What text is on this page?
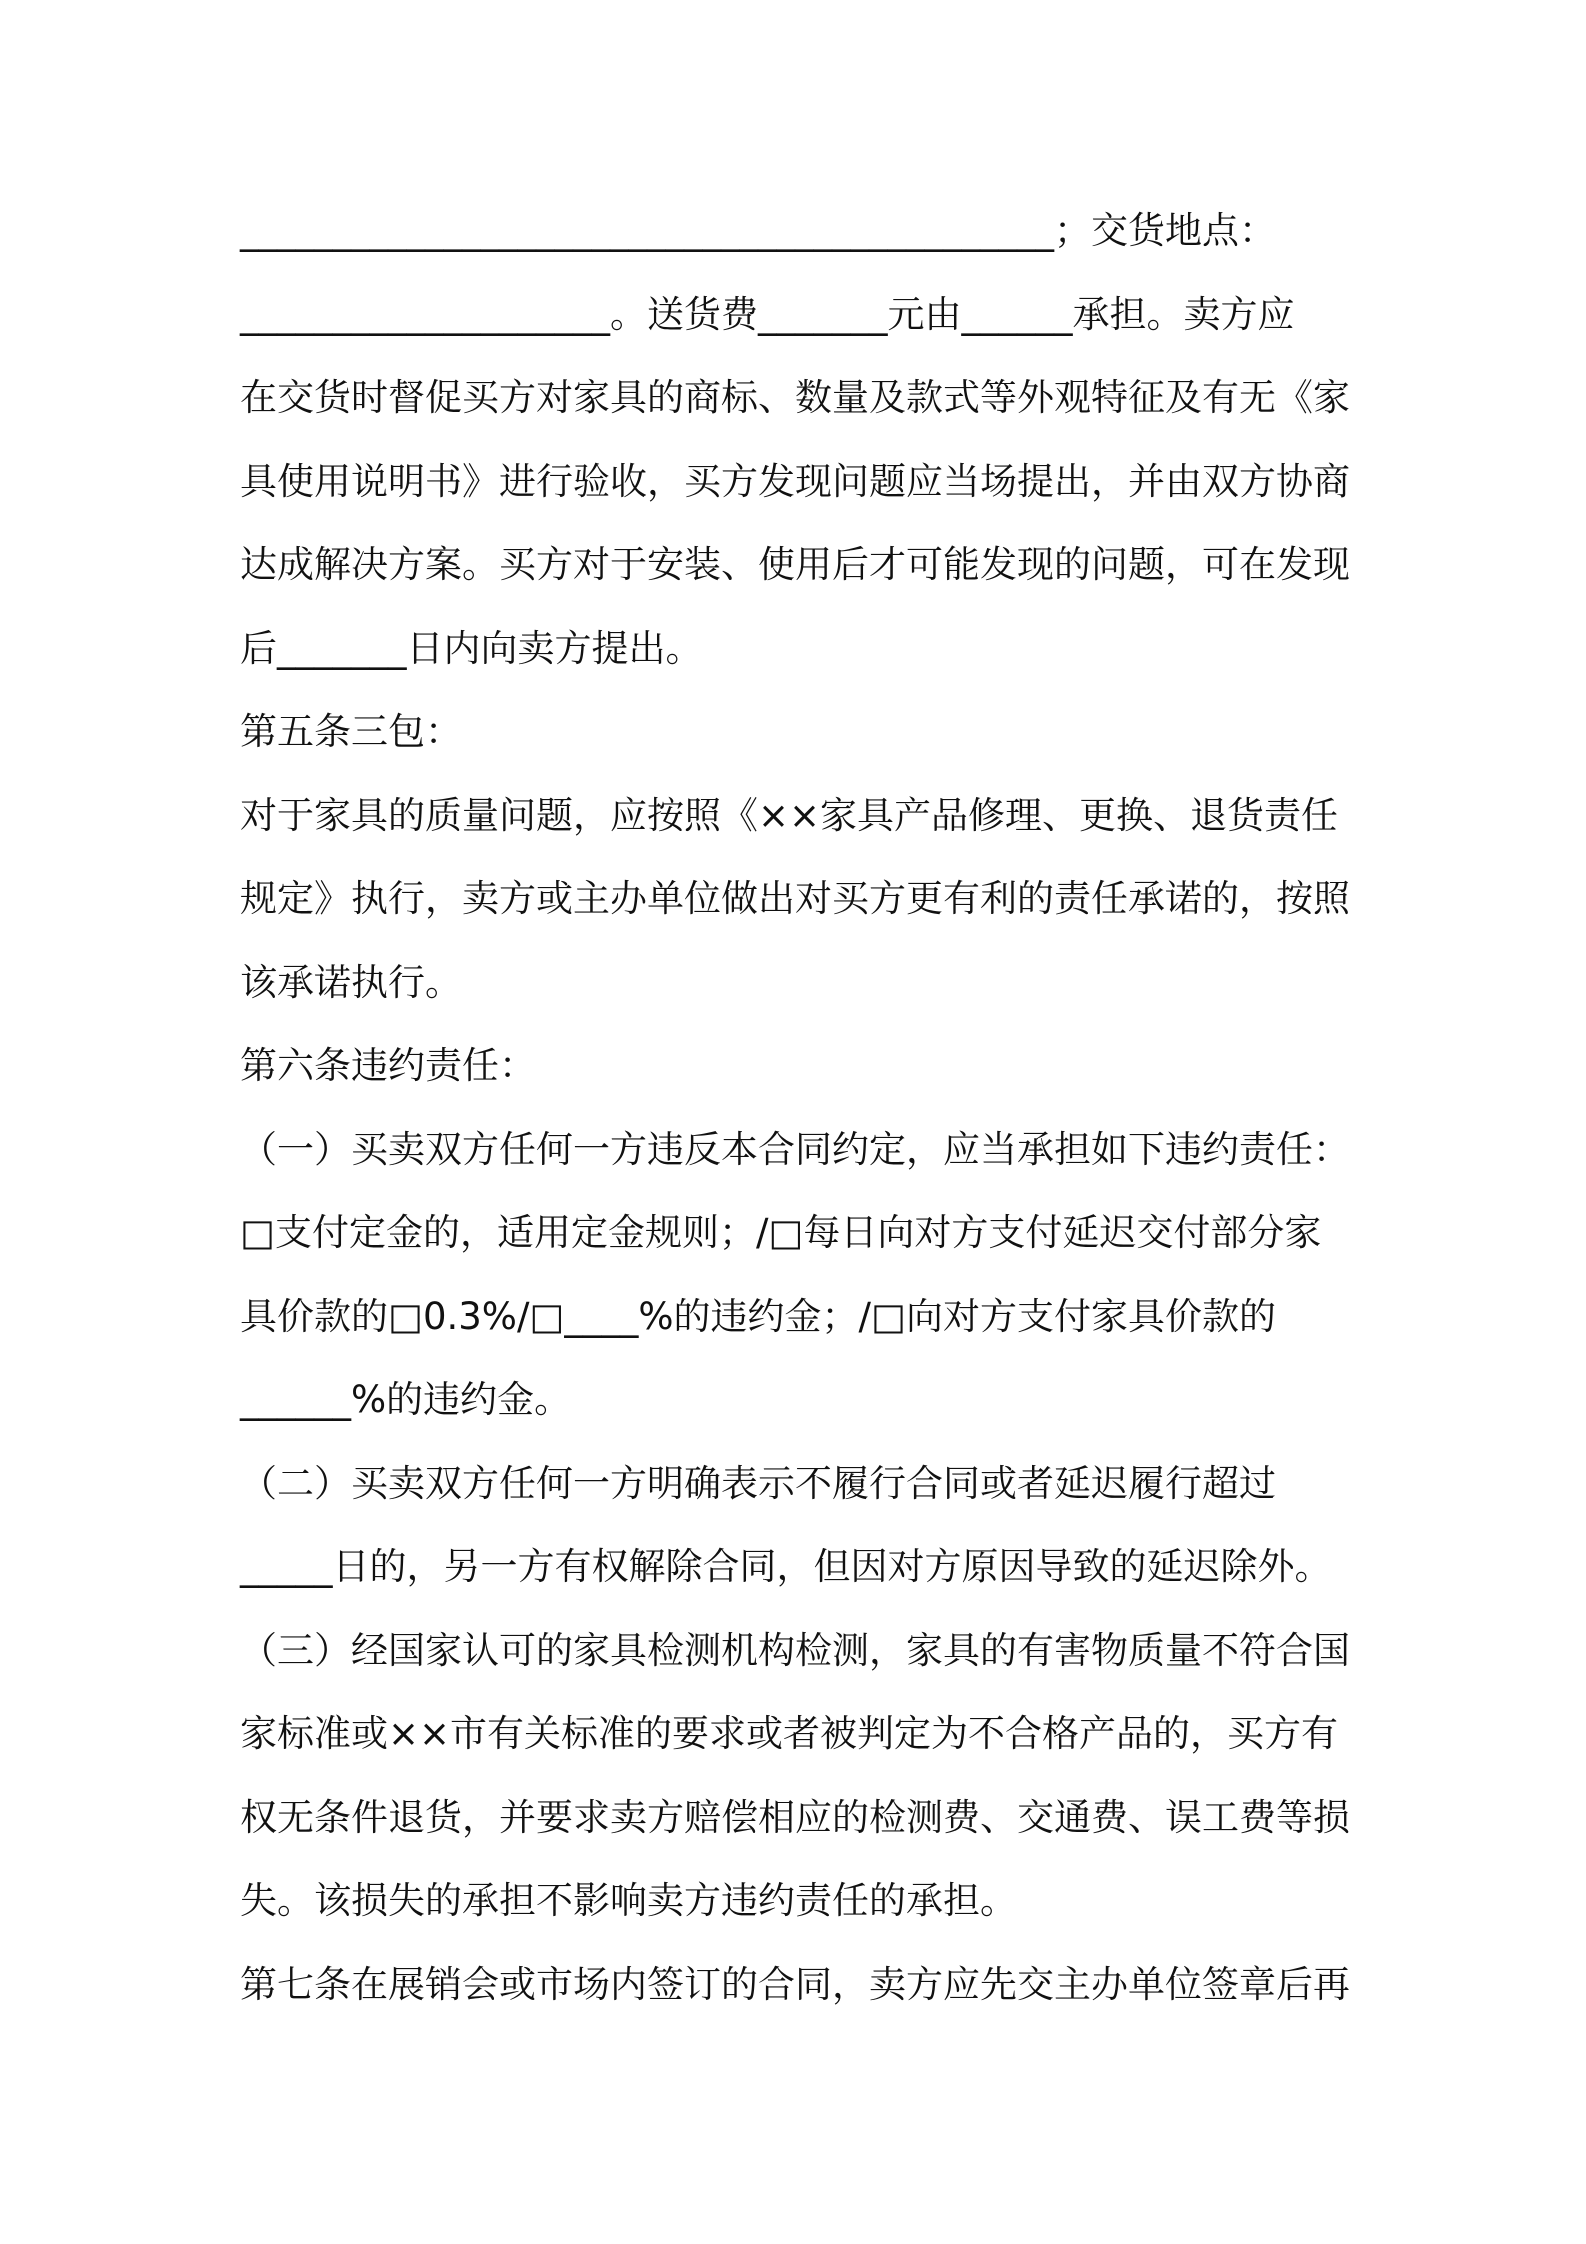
____________________________________________；交货地点：
____________________。送货费_______元由______承担。卖方应
在交货时督促买方对家具的商标、数量及款式等外观特征及有无《家
具使用说明书》进行验收，买方发现问题应当场提出，并由双方协商
达成解决方案。买方对于安装、使用后才可能发现的问题，可在发现
后_______日内向卖方提出。
第五条三包：
对于家具的质量问题，应按照《××家具产品修理、更换、退货责任
规定》执行，卖方或主办单位做出对买方更有利的责任承诺的，按照
该承诺执行。
第六条违约责任：
（一）买卖双方任何一方违反本合同约定，应当承担如下违约责任：
□支付定金的，适用定金规则；/□每日向对方支付延迟交付部分家
具价款的□0.3%/□____%的违约金；/□向对方支付家具价款的
______%的违约金。
（二）买卖双方任何一方明确表示不履行合同或者延迟履行超过
_____日的，另一方有权解除合同，但因对方原因导致的延迟除外。
（三）经国家认可的家具检测机构检测，家具的有害物质量不符合国
家标准或××市有关标准的要求或者被判定为不合格产品的，买方有
权无条件退货，并要求卖方赔偿相应的检测费、交通费、误工费等损
失。该损失的承担不影响卖方违约责任的承担。
第七条在展销会或市场内签订的合同，卖方应先交主办单位签章后再
